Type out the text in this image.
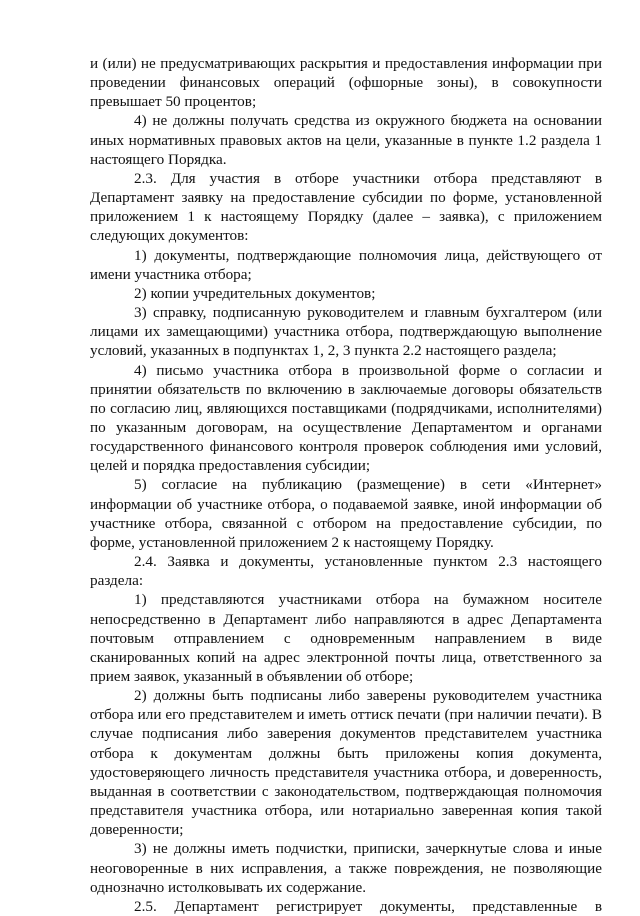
и (или) не предусматривающих раскрытия и предоставления информации при проведении финансовых операций (офшорные зоны), в совокупности превышает 50 процентов;

4) не должны получать средства из окружного бюджета на основании иных нормативных правовых актов на цели, указанные в пункте 1.2 раздела 1 настоящего Порядка.

2.3. Для участия в отборе участники отбора представляют в Департамент заявку на предоставление субсидии по форме, установленной приложением 1 к настоящему Порядку (далее – заявка), с приложением следующих документов:

1) документы, подтверждающие полномочия лица, действующего от имени участника отбора;

2) копии учредительных документов;

3) справку, подписанную руководителем и главным бухгалтером (или лицами их замещающими) участника отбора, подтверждающую выполнение условий, указанных в подпунктах 1, 2, 3 пункта 2.2 настоящего раздела;

4) письмо участника отбора в произвольной форме о согласии и принятии обязательств по включению в заключаемые договоры обязательств по согласию лиц, являющихся поставщиками (подрядчиками, исполнителями) по указанным договорам, на осуществление Департаментом и органами государственного финансового контроля проверок соблюдения ими условий, целей и порядка предоставления субсидии;

5) согласие на публикацию (размещение) в сети «Интернет» информации об участнике отбора, о подаваемой заявке, иной информации об участнике отбора, связанной с отбором на предоставление субсидии, по форме, установленной приложением 2 к настоящему Порядку.

2.4. Заявка и документы, установленные пунктом 2.3 настоящего раздела:

1) представляются участниками отбора на бумажном носителе непосредственно в Департамент либо направляются в адрес Департамента почтовым отправлением с одновременным направлением в виде сканированных копий на адрес электронной почты лица, ответственного за прием заявок, указанный в объявлении об отборе;

2) должны быть подписаны либо заверены руководителем участника отбора или его представителем и иметь оттиск печати (при наличии печати). В случае подписания либо заверения документов представителем участника отбора к документам должны быть приложены копия документа, удостоверяющего личность представителя участника отбора, и доверенность, выданная в соответствии с законодательством, подтверждающая полномочия представителя участника отбора, или нотариально заверенная копия такой доверенности;

3) не должны иметь подчистки, приписки, зачеркнутые слова и иные неоговоренные в них исправления, а также повреждения, не позволяющие однозначно истолковывать их содержание.

2.5. Департамент регистрирует документы, представленные в
